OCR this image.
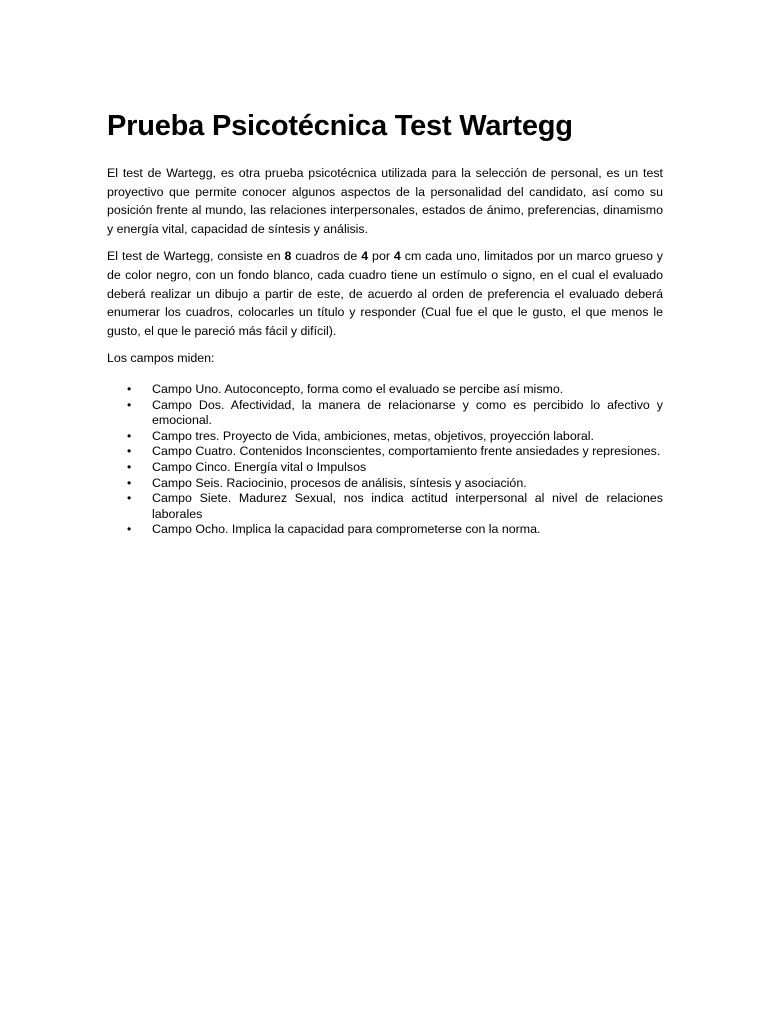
Prueba Psicotécnica Test Wartegg

El test de Wartegg, es otra prueba psicotécnica utilizada para la selección de personal, es un test proyectivo que permite conocer algunos aspectos de la personalidad del candidato, así como su posición frente al mundo, las relaciones interpersonales, estados de ánimo, preferencias, dinamismo y energía vital, capacidad de síntesis y análisis.

El test de Wartegg, consiste en 8 cuadros de 4 por 4 cm cada uno, limitados por un marco grueso y de color negro, con un fondo blanco, cada cuadro tiene un estímulo o signo, en el cual el evaluado deberá realizar un dibujo a partir de este, de acuerdo al orden de preferencia el evaluado deberá enumerar los cuadros, colocarles un título y responder (Cual fue el que le gusto, el que menos le gusto, el que le pareció más fácil y difícil).

Los campos miden:

• Campo Uno. Autoconcepto, forma como el evaluado se percibe así mismo.
• Campo Dos. Afectividad, la manera de relacionarse y como es percibido lo afectivo y emocional.
• Campo tres. Proyecto de Vida, ambiciones, metas, objetivos, proyección laboral.
• Campo Cuatro. Contenidos Inconscientes, comportamiento frente ansiedades y represiones.
• Campo Cinco. Energía vital o Impulsos
• Campo Seis. Raciocinio, procesos de análisis, síntesis y asociación.
• Campo Siete. Madurez Sexual, nos indica actitud interpersonal al nivel de relaciones laborales
• Campo Ocho. Implica la capacidad para comprometerse con la norma.
